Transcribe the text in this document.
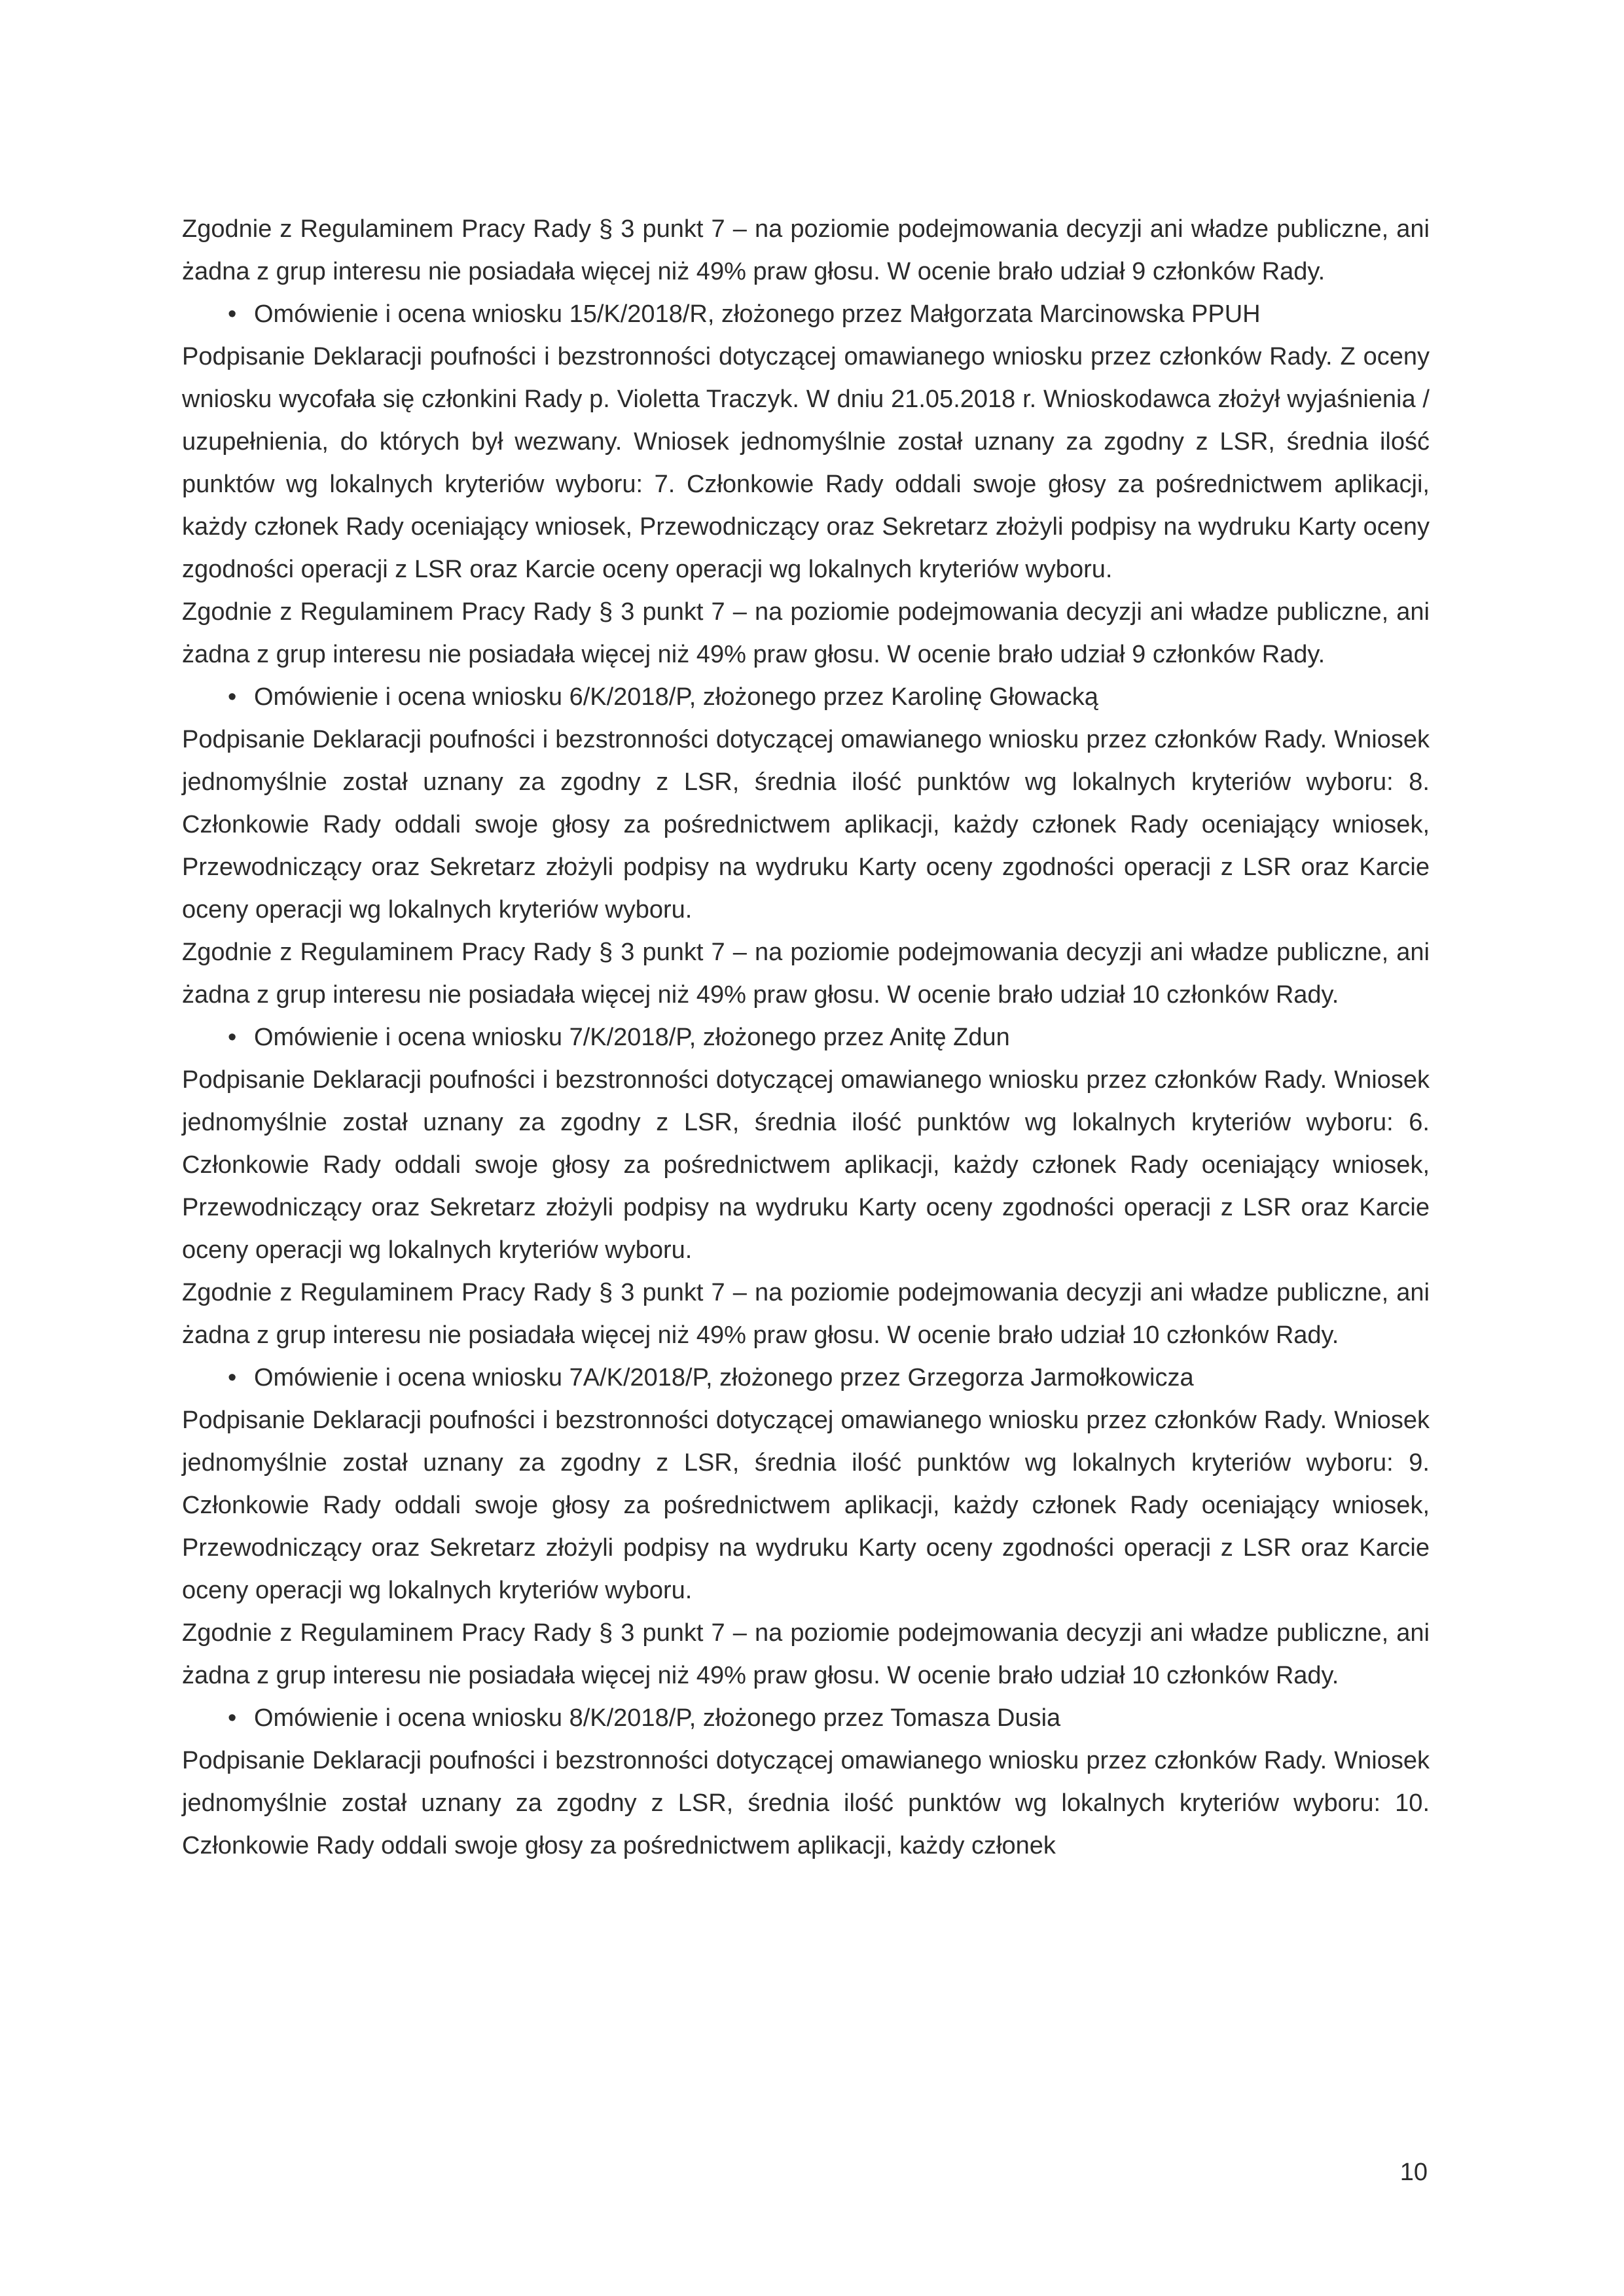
Zgodnie z Regulaminem Pracy Rady § 3 punkt 7 – na poziomie podejmowania decyzji ani władze publiczne, ani żadna z grup interesu nie posiadała więcej niż 49% praw głosu. W ocenie brało udział 9 członków Rady.

• Omówienie i ocena wniosku 15/K/2018/R, złożonego przez Małgorzata Marcinowska PPUH

Podpisanie Deklaracji poufności i bezstronności dotyczącej omawianego wniosku przez członków Rady. Z oceny wniosku wycofała się członkini Rady p. Violetta Traczyk. W dniu 21.05.2018 r. Wnioskodawca złożył wyjaśnienia / uzupełnienia, do których był wezwany. Wniosek jednomyślnie został uznany za zgodny z LSR, średnia ilość punktów wg lokalnych kryteriów wyboru: 7. Członkowie Rady oddali swoje głosy za pośrednictwem aplikacji, każdy członek Rady oceniający wniosek, Przewodniczący oraz Sekretarz złożyli podpisy na wydruku Karty oceny zgodności operacji z LSR oraz Karcie oceny operacji wg lokalnych kryteriów wyboru.

Zgodnie z Regulaminem Pracy Rady § 3 punkt 7 – na poziomie podejmowania decyzji ani władze publiczne, ani żadna z grup interesu nie posiadała więcej niż 49% praw głosu. W ocenie brało udział 9 członków Rady.

• Omówienie i ocena wniosku 6/K/2018/P, złożonego przez Karolinę Głowacką

Podpisanie Deklaracji poufności i bezstronności dotyczącej omawianego wniosku przez członków Rady. Wniosek jednomyślnie został uznany za zgodny z LSR, średnia ilość punktów wg lokalnych kryteriów wyboru: 8. Członkowie Rady oddali swoje głosy za pośrednictwem aplikacji, każdy członek Rady oceniający wniosek, Przewodniczący oraz Sekretarz złożyli podpisy na wydruku Karty oceny zgodności operacji z LSR oraz Karcie oceny operacji wg lokalnych kryteriów wyboru.

Zgodnie z Regulaminem Pracy Rady § 3 punkt 7 – na poziomie podejmowania decyzji ani władze publiczne, ani żadna z grup interesu nie posiadała więcej niż 49% praw głosu. W ocenie brało udział 10 członków Rady.

• Omówienie i ocena wniosku 7/K/2018/P, złożonego przez Anitę Zdun

Podpisanie Deklaracji poufności i bezstronności dotyczącej omawianego wniosku przez członków Rady. Wniosek jednomyślnie został uznany za zgodny z LSR, średnia ilość punktów wg lokalnych kryteriów wyboru: 6. Członkowie Rady oddali swoje głosy za pośrednictwem aplikacji, każdy członek Rady oceniający wniosek, Przewodniczący oraz Sekretarz złożyli podpisy na wydruku Karty oceny zgodności operacji z LSR oraz Karcie oceny operacji wg lokalnych kryteriów wyboru.

Zgodnie z Regulaminem Pracy Rady § 3 punkt 7 – na poziomie podejmowania decyzji ani władze publiczne, ani żadna z grup interesu nie posiadała więcej niż 49% praw głosu. W ocenie brało udział 10 członków Rady.

• Omówienie i ocena wniosku 7A/K/2018/P, złożonego przez Grzegorza Jarmołkowicza

Podpisanie Deklaracji poufności i bezstronności dotyczącej omawianego wniosku przez członków Rady. Wniosek jednomyślnie został uznany za zgodny z LSR, średnia ilość punktów wg lokalnych kryteriów wyboru: 9. Członkowie Rady oddali swoje głosy za pośrednictwem aplikacji, każdy członek Rady oceniający wniosek, Przewodniczący oraz Sekretarz złożyli podpisy na wydruku Karty oceny zgodności operacji z LSR oraz Karcie oceny operacji wg lokalnych kryteriów wyboru.

Zgodnie z Regulaminem Pracy Rady § 3 punkt 7 – na poziomie podejmowania decyzji ani władze publiczne, ani żadna z grup interesu nie posiadała więcej niż 49% praw głosu. W ocenie brało udział 10 członków Rady.

• Omówienie i ocena wniosku 8/K/2018/P, złożonego przez Tomasza Dusia

Podpisanie Deklaracji poufności i bezstronności dotyczącej omawianego wniosku przez członków Rady. Wniosek jednomyślnie został uznany za zgodny z LSR, średnia ilość punktów wg lokalnych kryteriów wyboru: 10. Członkowie Rady oddali swoje głosy za pośrednictwem aplikacji, każdy członek

10
